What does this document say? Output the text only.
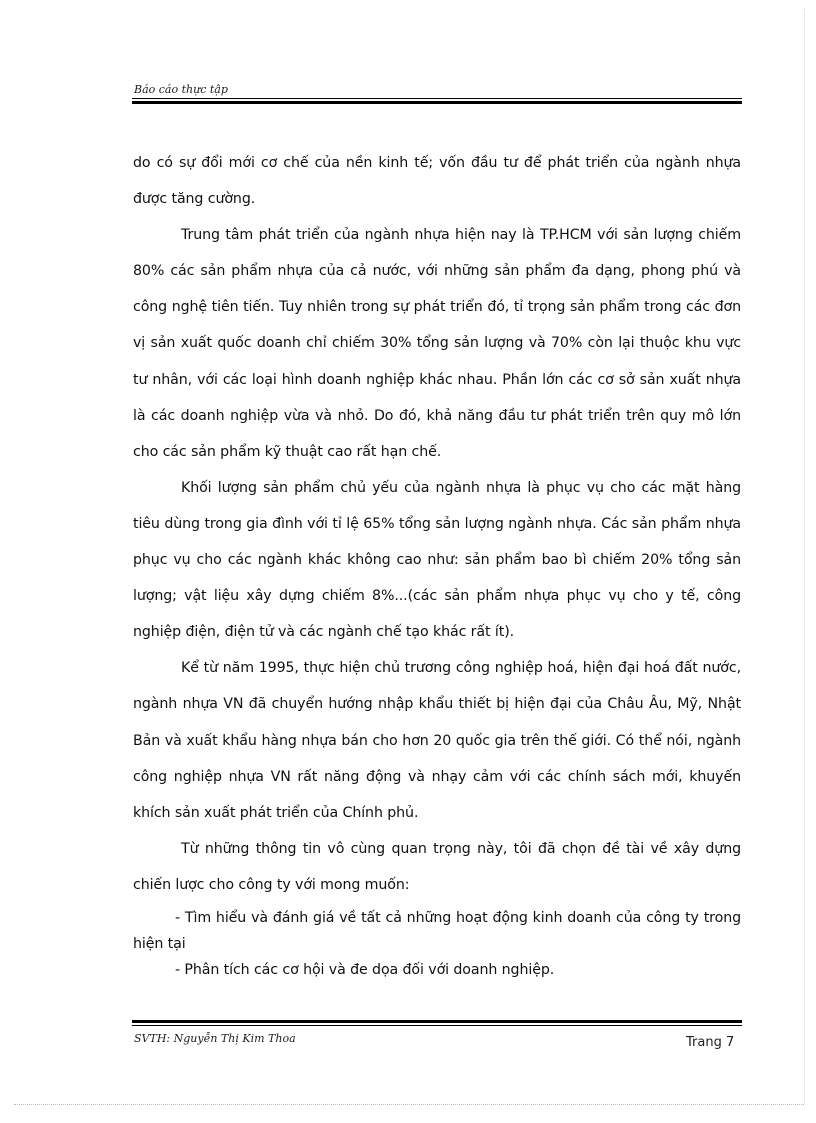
Báo cáo thực tập

do có sự đổi mới cơ chế của nền kinh tế; vốn đầu tư để phát triển của ngành nhựa được tăng cường.

Trung tâm phát triển của ngành nhựa hiện nay là TP.HCM với sản lượng chiếm 80% các sản phẩm nhựa của cả nước, với những sản phẩm đa dạng, phong phú và công nghệ tiên tiến. Tuy nhiên trong sự phát triển đó, tỉ trọng sản phẩm trong các đơn vị sản xuất quốc doanh chỉ chiếm 30% tổng sản lượng và 70% còn lại thuộc khu vực tư nhân, với các loại hình doanh nghiệp khác nhau. Phần lớn các cơ sở sản xuất nhựa là các doanh nghiệp vừa và nhỏ. Do đó, khả năng đầu tư phát triển trên quy mô lớn cho các sản phẩm kỹ thuật cao rất hạn chế.

Khối lượng sản phẩm chủ yếu của ngành nhựa là phục vụ cho các mặt hàng tiêu dùng trong gia đình với tỉ lệ 65% tổng sản lượng ngành nhựa. Các sản phẩm nhựa phục vụ cho các ngành khác không cao như: sản phẩm bao bì chiếm 20% tổng sản lượng; vật liệu xây dựng chiếm 8%...(các sản phẩm nhựa phục vụ cho y tế, công nghiệp điện, điện tử và các ngành chế tạo khác rất ít).

Kể từ năm 1995, thực hiện chủ trương công nghiệp hoá, hiện đại hoá đất nước, ngành nhựa VN đã chuyển hướng nhập khẩu thiết bị hiện đại của Châu Âu, Mỹ, Nhật Bản và xuất khẩu hàng nhựa bán cho hơn 20 quốc gia trên thế giới. Có thể nói, ngành công nghiệp nhựa VN rất năng động và nhạy cảm với các chính sách mới, khuyến khích sản xuất phát triển của Chính phủ.

Từ những thông tin vô cùng quan trọng này, tôi đã chọn đề tài về xây dựng chiến lược cho công ty với mong muốn:

- Tìm hiểu và đánh giá về tất cả những hoạt động kinh doanh của công ty trong hiện tại

- Phân tích các cơ hội và đe dọa đối với doanh nghiệp.

SVTH: Nguyễn Thị Kim Thoa	Trang 7
